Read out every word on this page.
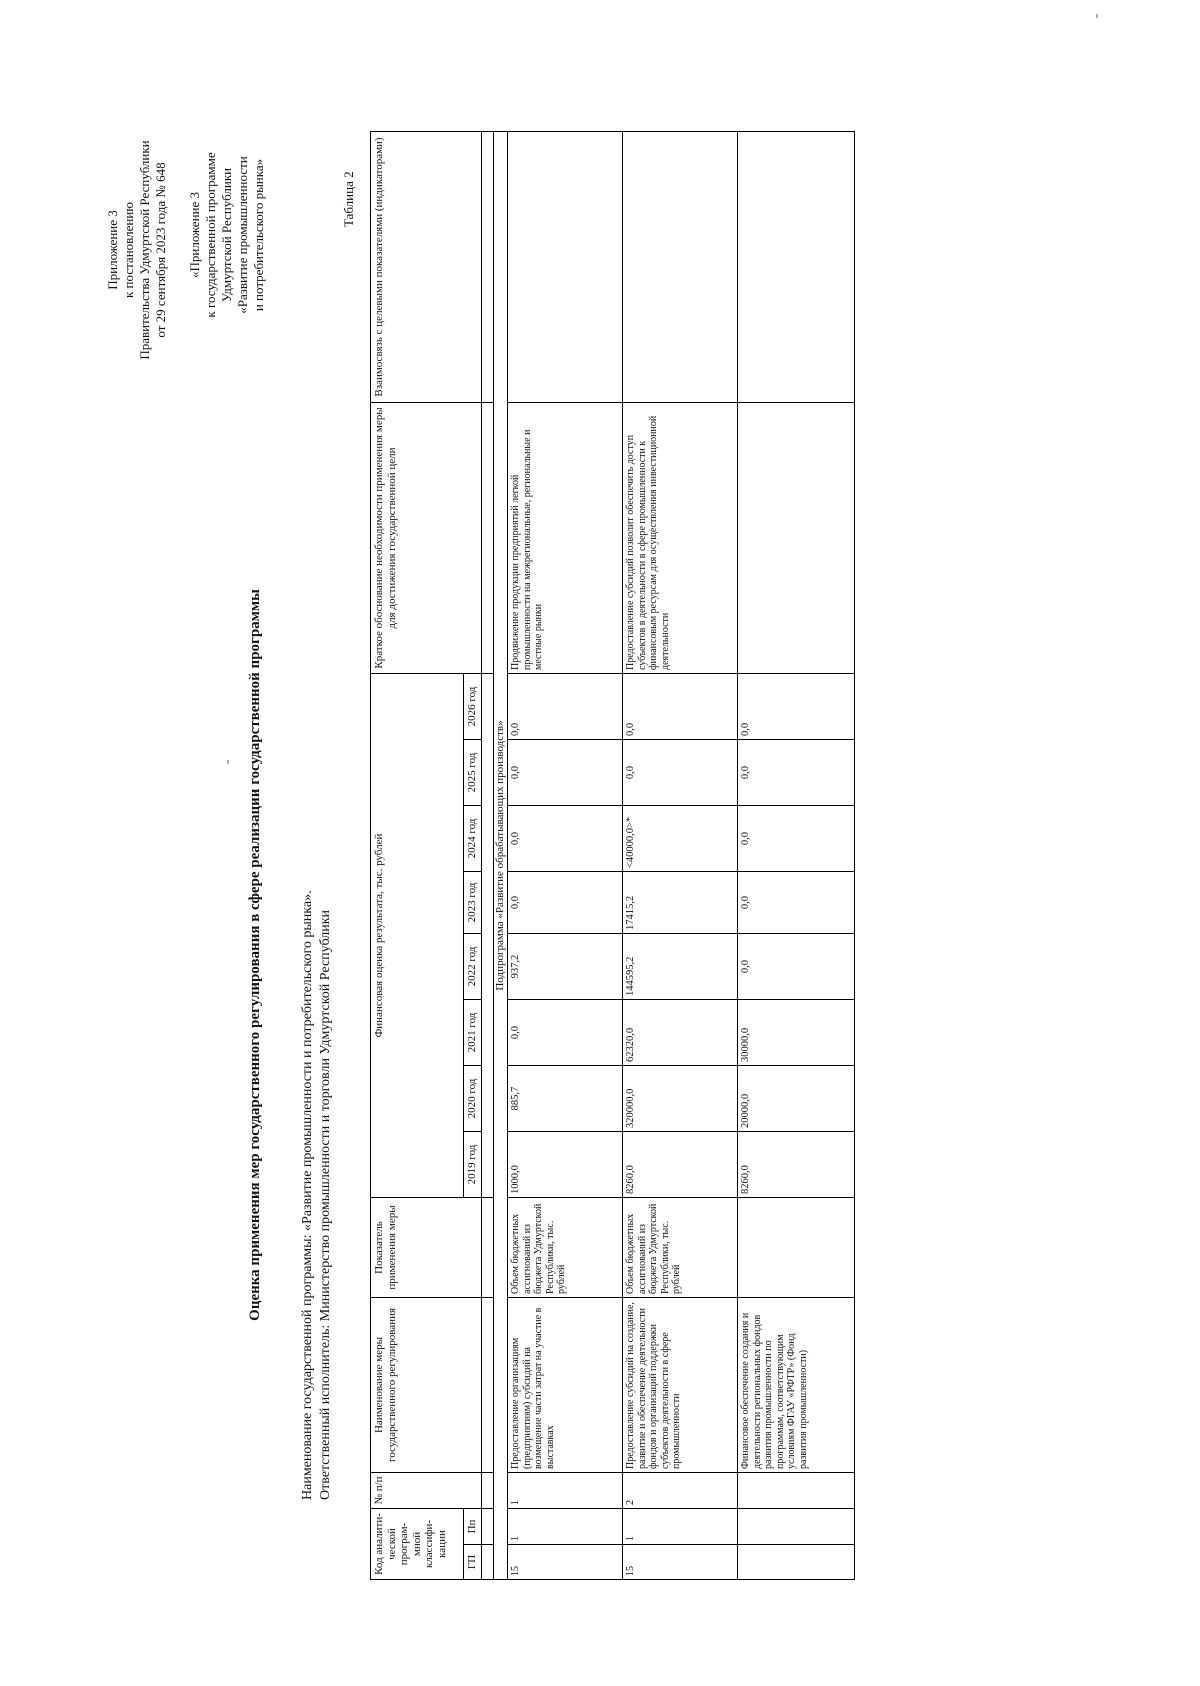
Приложение 3 к постановлению Правительства Удмуртской Республики от 29 сентября 2023 года № 648 «Приложение 3 к государственной программе Удмуртской Республики «Развитие промышленности и потребительского рынка»	Таблица 2
Оценка применения мер государственного регулирования в сфере реализации государственной программы	Наименование государственной программы: «Развитие промышленности и потребительского рынка». Ответственный исполнитель: Министерство промышленности и торговли Удмуртской Республики
Код аналити-ческой програм-мной классифи-кации		№ п/п	Наименование меры государственного регулирования	Показатель применения меры	Финансовая оценка результата, тыс. рублей								Краткое обоснование необходимости применения меры для достижения государственной цели	Взаимосвязь с целевыми показателями (индикаторами)
ГП	Пп				2019 год	2020 год	2021 год	2022 год	2023 год	2024 год	2025 год	2026 год		

Подпрограмма «Развитие обрабатывающих производств»														
15	1	1	Предоставление организациям (предприятиям) субсидий на возмещение части затрат на участие в выставках	Объем бюджетных ассигнований из бюджета Удмуртской Республики, тыс. рублей	1000,0	885,7	0,0	937,2	0,0	0,0	0,0	0,0	Продвижение продукции предприятий легкой промышленности на межрегиональные, региональные и местные рынки	
15	1	2	Предоставление субсидий на создание, развитие и обеспечение деятельности фондов и организаций поддержки субъектов деятельности в сфере промышленности	Объем бюджетных ассигнований из бюджета Удмуртской Республики, тыс. рублей	8260,0	320000,0	62320,0	144595,2	17415,2	<40000,0>*	0,0	0,0	Предоставление субсидий позволит обеспечить доступ субъектов в деятельности в сфере промышленности к финансовым ресурсам для осуществления инвестиционной деятельности	
			Финансовое обеспечение создания и деятельности региональных фондов развития промышленности по программам, соответствующим условиям ФГАУ «РФТР» (Фонд развития промышленности)		8260,0	20000,0	30000,0	0,0	0,0	0,0	0,0	0,0		
